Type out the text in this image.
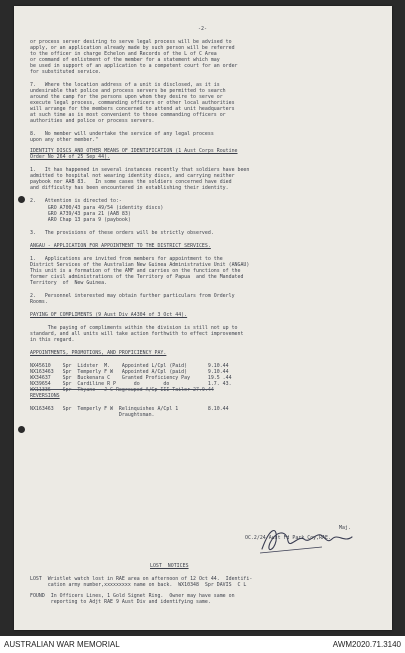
-2-
or process server desiring to serve legal process will be advised to
apply, or an application already made by such person will be referred
to the officer in charge Echelon and Records of the L of C Area
or command of enlistment of the member for a statement which may
be used in support of an application to a competent court for an order
for substituted service.
7.   Where the location address of a unit is disclosed, as it is
undesirable that police and process servers be permitted to search
around the camp for the persons upon whom they desire to serve or
execute legal process, commanding officers or other local authorities
will arrange for the members concerned to attend at unit headquarters
at such time as is most convenient to those commanding officers or
authorities and police or process servers.
8.   No member will undertake the service of any legal process
upon any other member."
IDENTITY DISCS AND OTHER MEANS OF IDENTIFICATION (1 Aust Corps Routine
Order No 264 of 25 Sep 44).
1.   It has happened in several instances recently that soldiers have been
admitted to hospital not wearing identity discs, and carrying neither
paybook nor AAB 83.   In some cases the soldiers concerned have died
and difficulty has been encountered in establishing their identity.
2.   Attention is directed to:-
GRO A700/43 para 49/54 (identity discs)
GRO A739/43 para 21 (AAB 83)
ARO Chap 13 para 9 (paybook)
3.   The provisions of these orders will be strictly observed.
ANGAU - APPLICATION FOR APPOINTMENT TO THE DISTRICT SERVICES.
1.   Applications are invited from members for appointment to the
District Services of the Australian New Guinea Administrative Unit (ANGAU)
This unit is a formation of the AMF and carries on the functions of the
former civil administrations of the Territory of Papua  and the Mandated
Territory  of  New Guinea.
2.   Personnel interested may obtain further particulars from Orderly
Rooms.
PAYING OF COMPLIMENTS (9 Aust Div A4304 of 3 Oct 44).
The paying of compliments within the division is still not up to
standard, and all units will take action forthwith to effect improvement
in this regard.
APPOINTMENTS, PROMOTIONS, AND PROFICIENCY PAY.
NX45610    Spr  Lidster  M.    Appointed L/Cpl (Paid)       9.10.44
NX163463   Spr  Temperly F W   Appointed A/Cpl (paid)       9.10.44
WX34637    Spr  Buckenara C    Granted Proficiency Pay      19.5 .44
NX39654    Spr  Cardiline R P      do        do             1.7. 43.
WX11336    Spr  Thyane   J C Regrouped A/Gp III Tailor 27.9.44
REVERSIONS
NX163463   Spr  Temperly F W  Relinquishes A/Cpl 1          8.10.44
Draughtsman.
Maj.
OC.2/24 Aust Fd Park Coy,RAE.
LOST  NOTICES
LOST  Wristlet watch lost in RAE area on afternoon of 12 Oct 44.  Identifi-
cation army number,xxxxxxxxx name on back.  WX10348  Spr DAVIS  C L
FOUND  In Officers Lines, 1 Gold Signet Ring.  Owner may have same on
reporting to Adjt RAE 9 Aust Div and identifying same.
AUSTRALIAN WAR MEMORIAL	AWM2020.71.3140
